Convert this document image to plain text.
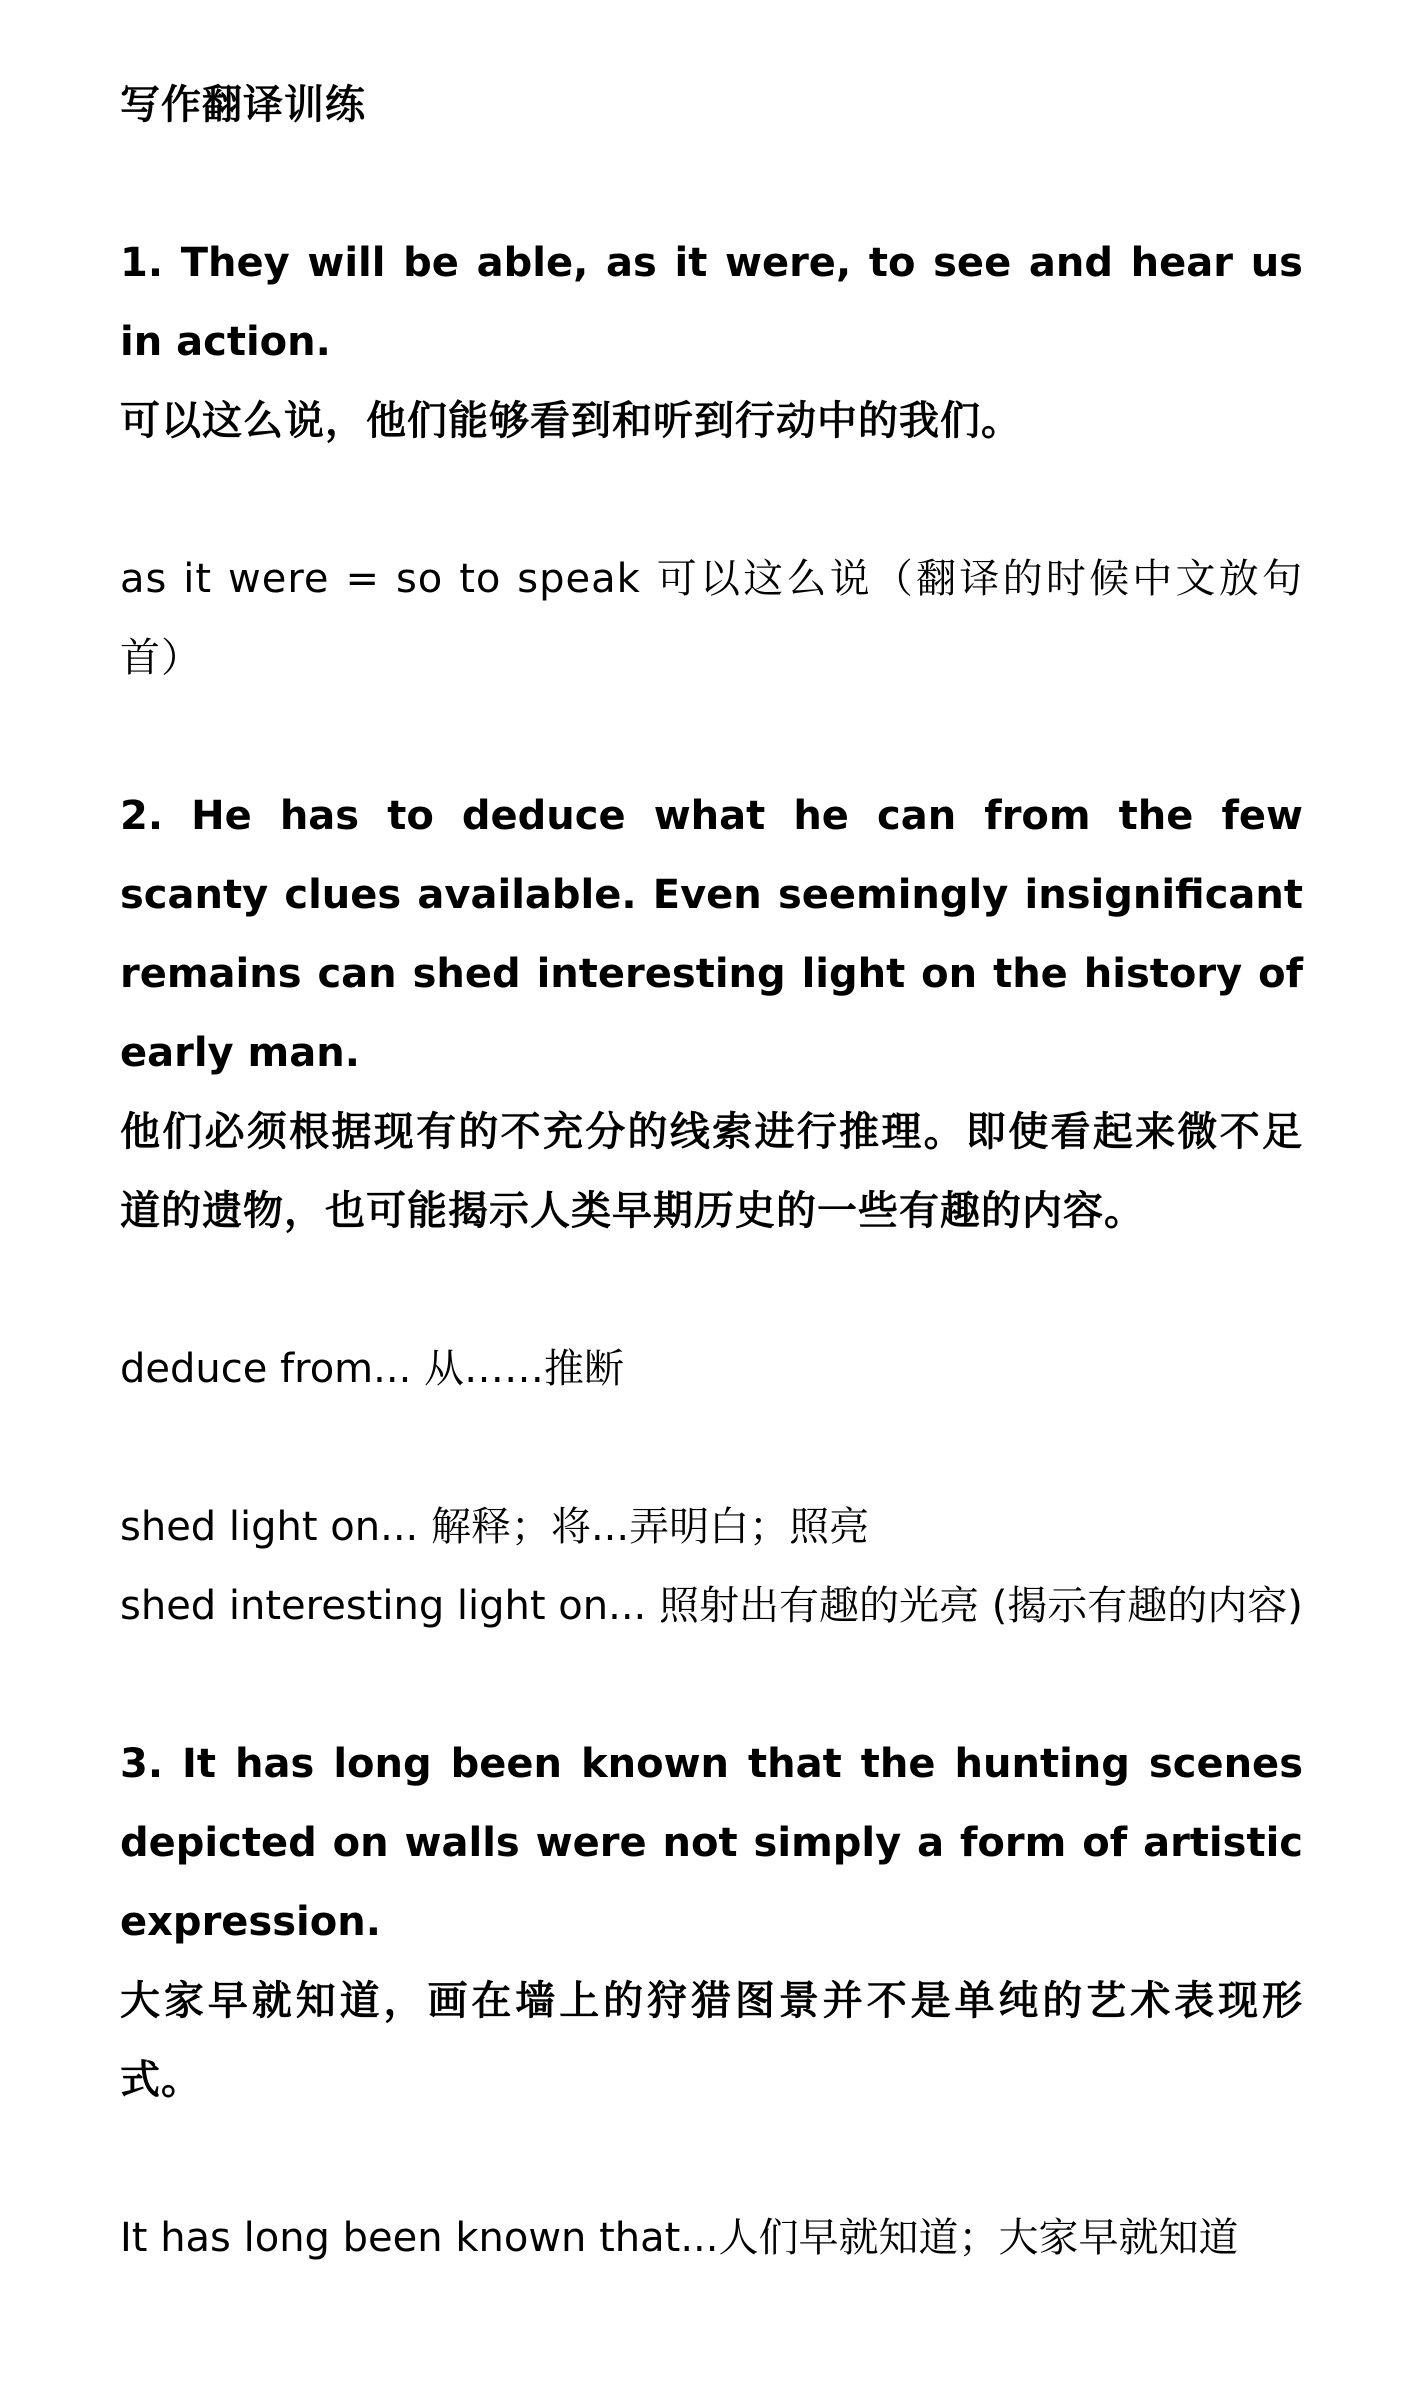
写作翻译训练

1. They will be able, as it were, to see and hear us in action.

可以这么说，他们能够看到和听到行动中的我们。

as it were = so to speak 可以这么说（翻译的时候中文放句首）

2. He has to deduce what he can from the few scanty clues available. Even seemingly insignificant remains can shed interesting light on the history of early man.

他们必须根据现有的不充分的线索进行推理。即使看起来微不足道的遗物，也可能揭示人类早期历史的一些有趣的内容。

deduce from... 从……推断

shed light on... 解释；将...弄明白；照亮

shed interesting light on... 照射出有趣的光亮 (揭示有趣的内容)

3. It has long been known that the hunting scenes depicted on walls were not simply a form of artistic expression.

大家早就知道，画在墙上的狩猎图景并不是单纯的艺术表现形式。

It has long been known that...人们早就知道；大家早就知道
